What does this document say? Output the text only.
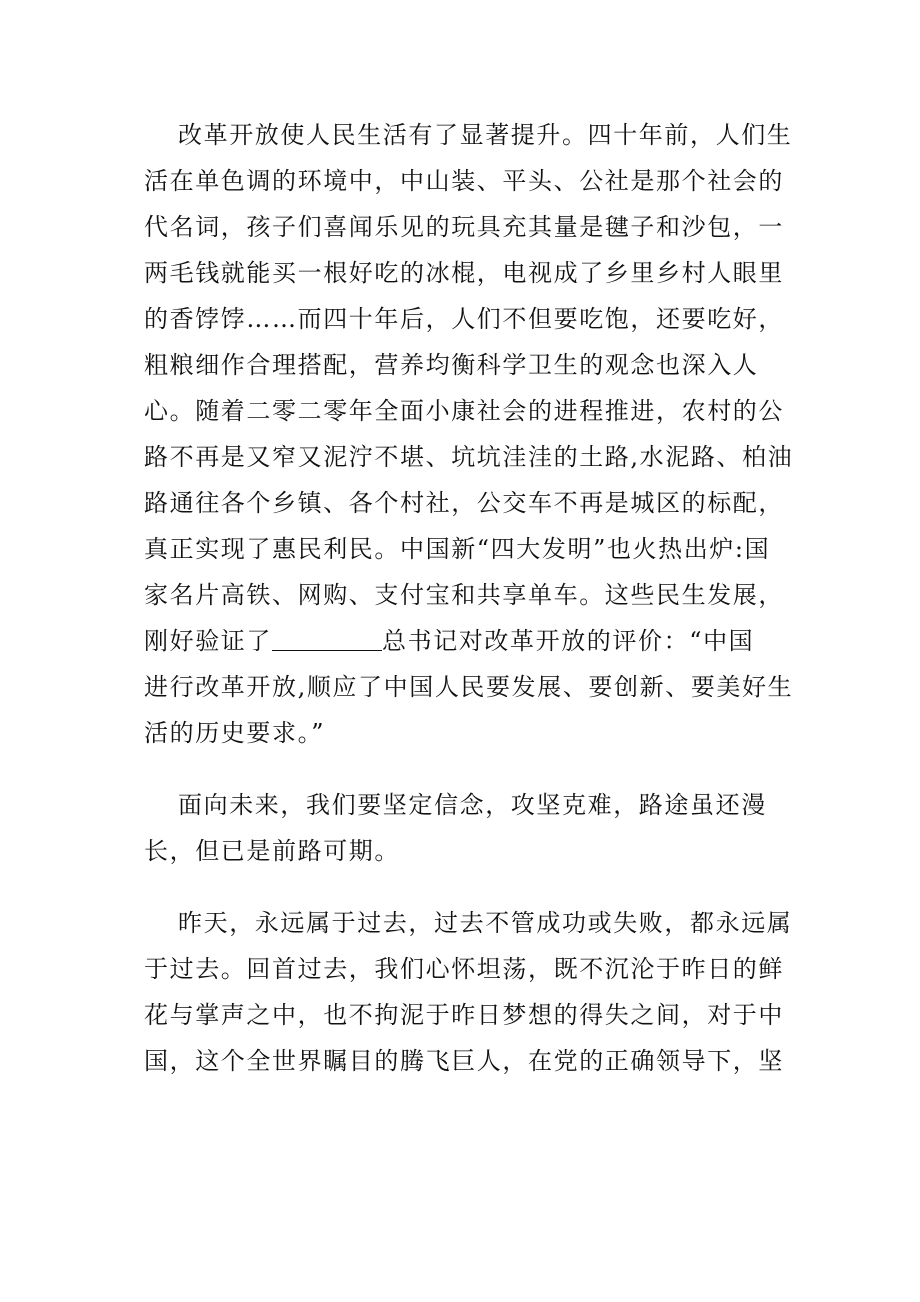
改革开放使人民生活有了显著提升。四十年前，人们生
活在单色调的环境中，中山装、平头、公社是那个社会的
代名词，孩子们喜闻乐见的玩具充其量是毽子和沙包，一
两毛钱就能买一根好吃的冰棍，电视成了乡里乡村人眼里
的香饽饽……而四十年后，人们不但要吃饱，还要吃好，
粗粮细作合理搭配，营养均衡科学卫生的观念也深入人
心。随着二零二零年全面小康社会的进程推进，农村的公
路不再是又窄又泥泞不堪、坑坑洼洼的土路,水泥路、柏油
路通往各个乡镇、各个村社，公交车不再是城区的标配，
真正实现了惠民利民。中国新“四大发明”也火热出炉:国
家名片高铁、网购、支付宝和共享单车。这些民生发展，
刚好验证了	总书记对改革开放的评价：“中国
进行改革开放,顺应了中国人民要发展、要创新、要美好生
活的历史要求。”

面向未来，我们要坚定信念，攻坚克难，路途虽还漫
长，但已是前路可期。

昨天，永远属于过去，过去不管成功或失败，都永远属
于过去。回首过去，我们心怀坦荡，既不沉沦于昨日的鲜
花与掌声之中，也不拘泥于昨日梦想的得失之间，对于中
国，这个全世界瞩目的腾飞巨人，在党的正确领导下，坚
